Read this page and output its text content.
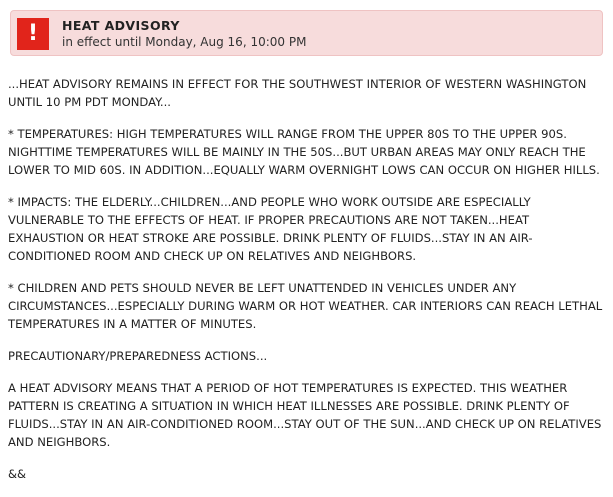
!	HEAT ADVISORY
in effect until Monday, Aug 16, 10:00 PM

...HEAT ADVISORY REMAINS IN EFFECT FOR THE SOUTHWEST INTERIOR OF WESTERN WASHINGTON UNTIL 10 PM PDT MONDAY...

* TEMPERATURES: HIGH TEMPERATURES WILL RANGE FROM THE UPPER 80S TO THE UPPER 90S. NIGHTTIME TEMPERATURES WILL BE MAINLY IN THE 50S...BUT URBAN AREAS MAY ONLY REACH THE LOWER TO MID 60S. IN ADDITION...EQUALLY WARM OVERNIGHT LOWS CAN OCCUR ON HIGHER HILLS.

* IMPACTS: THE ELDERLY...CHILDREN...AND PEOPLE WHO WORK OUTSIDE ARE ESPECIALLY VULNERABLE TO THE EFFECTS OF HEAT. IF PROPER PRECAUTIONS ARE NOT TAKEN...HEAT EXHAUSTION OR HEAT STROKE ARE POSSIBLE. DRINK PLENTY OF FLUIDS...STAY IN AN AIR-CONDITIONED ROOM AND CHECK UP ON RELATIVES AND NEIGHBORS.

* CHILDREN AND PETS SHOULD NEVER BE LEFT UNATTENDED IN VEHICLES UNDER ANY CIRCUMSTANCES...ESPECIALLY DURING WARM OR HOT WEATHER. CAR INTERIORS CAN REACH LETHAL TEMPERATURES IN A MATTER OF MINUTES.

PRECAUTIONARY/PREPAREDNESS ACTIONS...

A HEAT ADVISORY MEANS THAT A PERIOD OF HOT TEMPERATURES IS EXPECTED. THIS WEATHER PATTERN IS CREATING A SITUATION IN WHICH HEAT ILLNESSES ARE POSSIBLE. DRINK PLENTY OF FLUIDS...STAY IN AN AIR-CONDITIONED ROOM...STAY OUT OF THE SUN...AND CHECK UP ON RELATIVES AND NEIGHBORS.

&&
